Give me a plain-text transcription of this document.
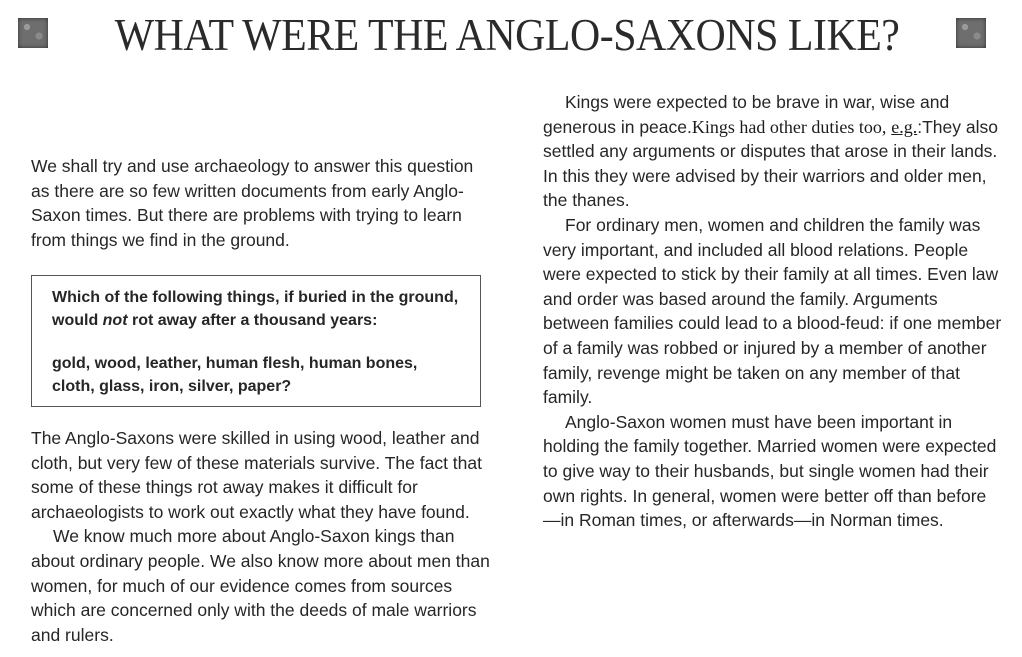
WHAT WERE THE ANGLO-SAXONS LIKE?

We shall try and use archaeology to answer this question as there are so few written documents from early Anglo-Saxon times. But there are problems with trying to learn from things we find in the ground.

Which of the following things, if buried in the ground, would not rot away after a thousand years:

gold, wood, leather, human flesh, human bones, cloth, glass, iron, silver, paper?

The Anglo-Saxons were skilled in using wood, leather and cloth, but very few of these materials survive. The fact that some of these things rot away makes it difficult for archaeologists to work out exactly what they have found.

We know much more about Anglo-Saxon kings than about ordinary people. We also know more about men than women, for much of our evidence comes from sources which are concerned only with the deeds of male warriors and rulers.

Kings were expected to be brave in war, wise and generous in peace.Kings had other duties too, e.g.:They also settled any arguments or disputes that arose in their lands. In this they were advised by their warriors and older men, the thanes.

For ordinary men, women and children the family was very important, and included all blood relations. People were expected to stick by their family at all times. Even law and order was based around the family. Arguments between families could lead to a blood-feud: if one member of a family was robbed or injured by a member of another family, revenge might be taken on any member of that family.

Anglo-Saxon women must have been important in holding the family together. Married women were expected to give way to their husbands, but single women had their own rights. In general, women were better off than before—in Roman times, or afterwards—in Norman times.
